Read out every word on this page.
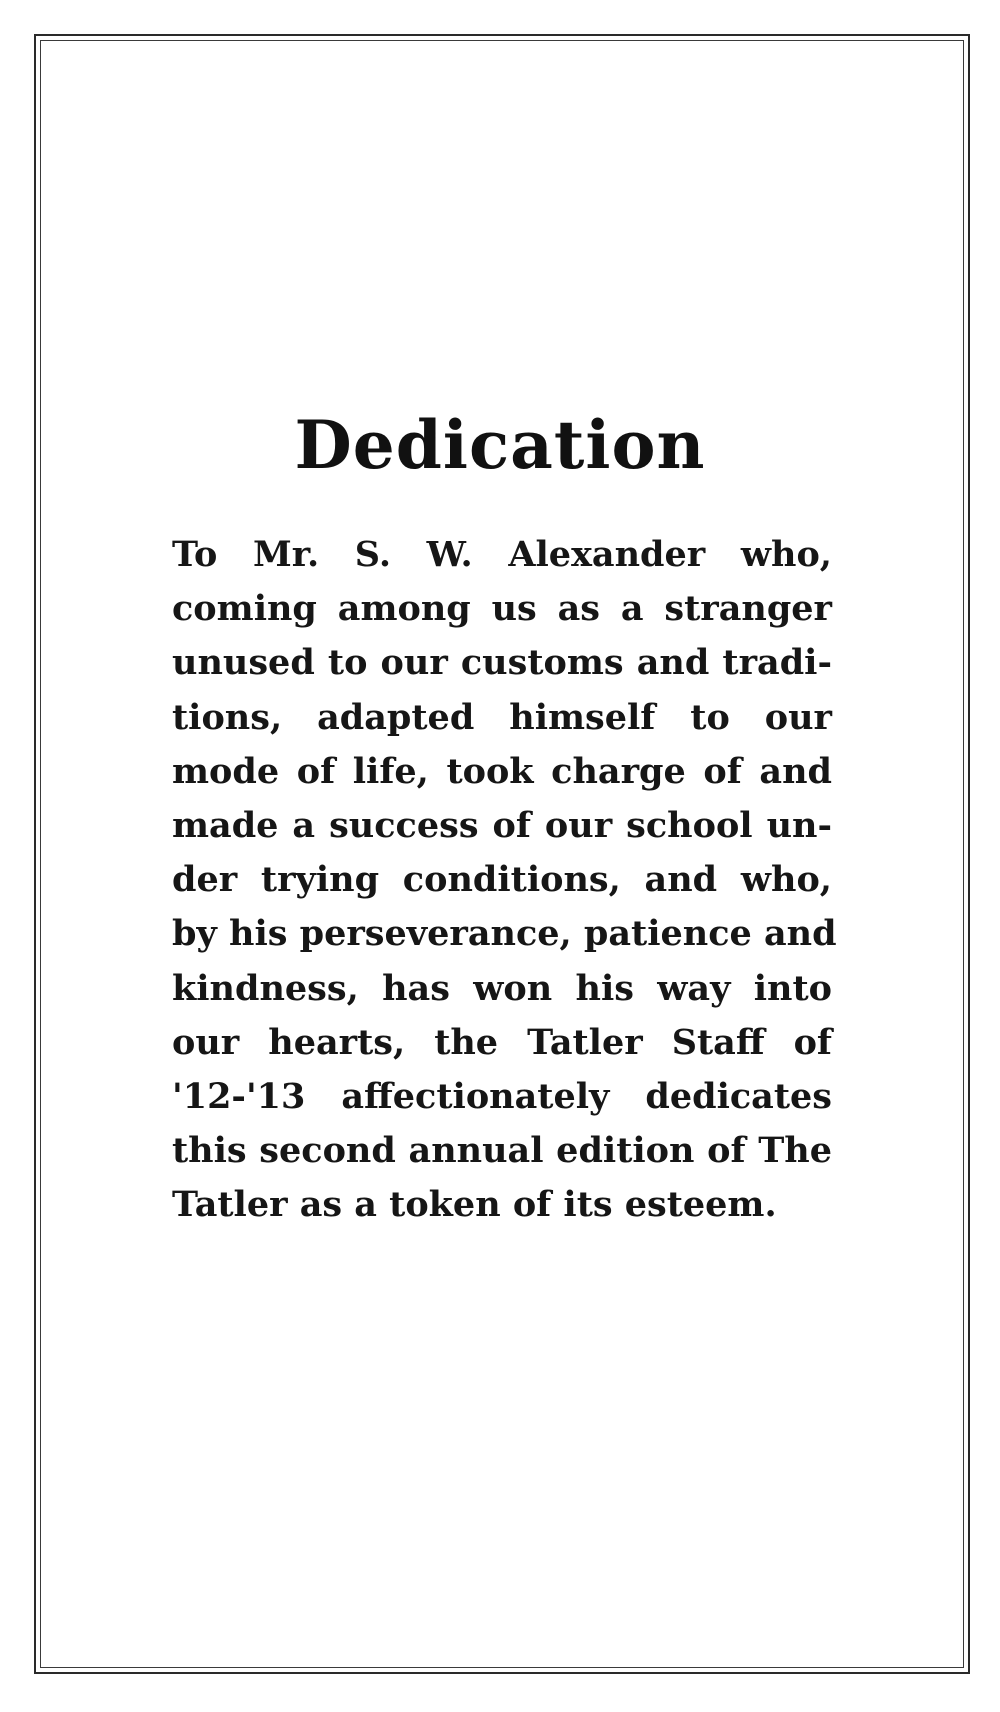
Dedication
To Mr. S. W. Alexander who,
coming among us as a stranger
unused to our customs and tradi-
tions, adapted himself to our
mode of life, took charge of and
made a success of our school un-
der trying conditions, and who,
by his perseverance, patience and
kindness, has won his way into
our hearts, the Tatler Staff of
'12-'13 affectionately dedicates
this second annual edition of The
Tatler as a token of its esteem.
